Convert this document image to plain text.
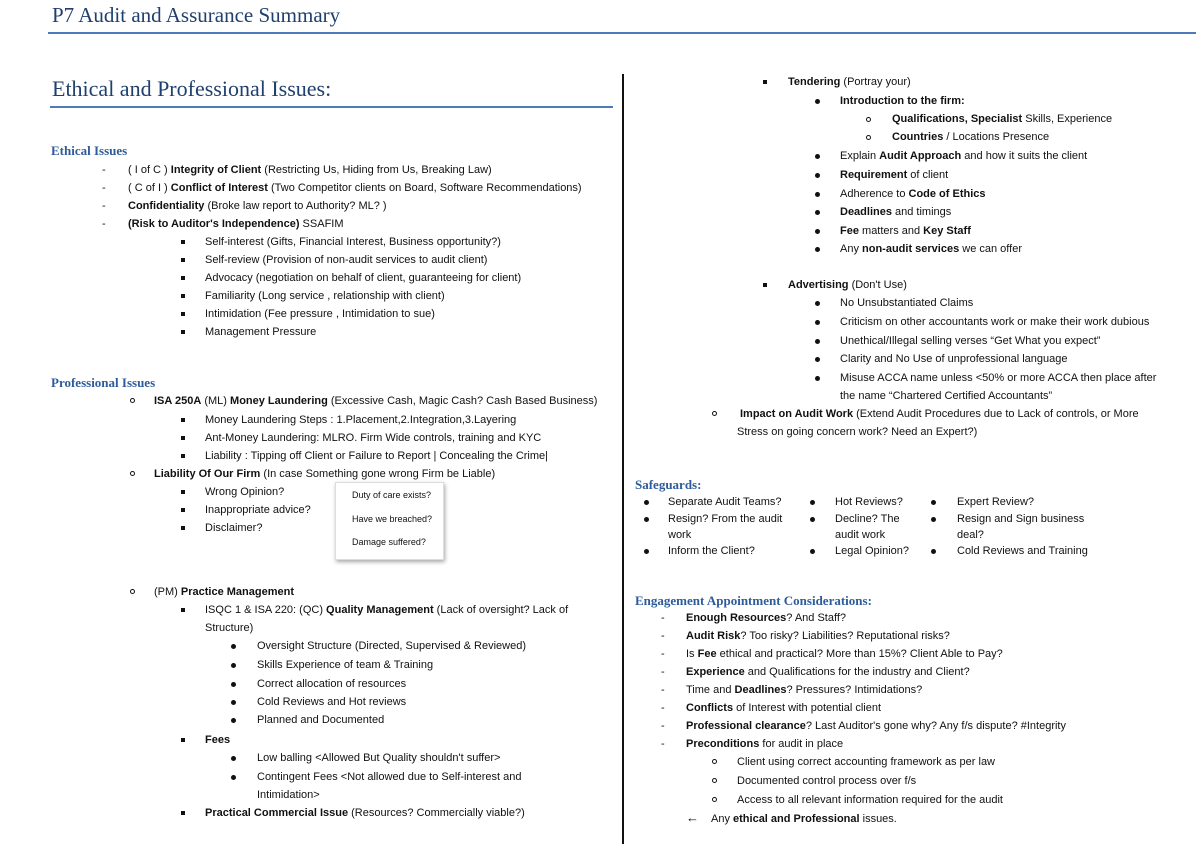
P7 Audit and Assurance Summary
Ethical and Professional Issues:
Ethical Issues
- ( I of C ) Integrity of Client (Restricting Us, Hiding from Us, Breaking Law)
- ( C of I ) Conflict of Interest (Two Competitor clients on Board, Software Recommendations)
- Confidentiality (Broke law report to Authority? ML? )
- (Risk to Auditor's Independence) SSAFIM
Self-interest (Gifts, Financial Interest, Business opportunity?)
Self-review (Provision of non-audit services to audit client)
Advocacy (negotiation on behalf of client, guaranteeing for client)
Familiarity (Long service , relationship with client)
Intimidation (Fee pressure , Intimidation to sue)
Management Pressure
Professional Issues
ISA 250A (ML) Money Laundering (Excessive Cash, Magic Cash? Cash Based Business)
Money Laundering Steps : 1.Placement,2.Integration,3.Layering
Ant-Money Laundering: MLRO. Firm Wide controls, training and KYC
Liability : Tipping off Client or Failure to Report | Concealing the Crime|
Liability Of Our Firm (In case Something gone wrong Firm be Liable)
Wrong Opinion?
Inappropriate advice?
Disclaimer?
Duty of care exists?
Have we breached?
Damage suffered?
(PM) Practice Management
ISQC 1 & ISA 220: (QC) Quality Management (Lack of oversight? Lack of
Structure)
Oversight Structure (Directed, Supervised & Reviewed)
Skills Experience of team & Training
Correct allocation of resources
Cold Reviews and Hot reviews
Planned and Documented
Fees
Low balling <Allowed But Quality shouldn't suffer>
Contingent Fees <Not allowed due to Self-interest and
Intimidation>
Practical Commercial Issue (Resources? Commercially viable?)
Tendering (Portray your)
Introduction to the firm:
Qualifications, Specialist Skills, Experience
Countries / Locations Presence
Explain Audit Approach and how it suits the client
Requirement of client
Adherence to Code of Ethics
Deadlines and timings
Fee matters and Key Staff
Any non-audit services we can offer
Advertising (Don't Use)
No Unsubstantiated Claims
Criticism on other accountants work or make their work dubious
Unethical/Illegal selling verses “Get What you expect”
Clarity and No Use of unprofessional language
Misuse ACCA name unless <50% or more ACCA then place after
the name “Chartered Certified Accountants”
Impact on Audit Work (Extend Audit Procedures due to Lack of controls, or More
Stress on going concern work? Need an Expert?)
Safeguards:
Separate Audit Teams?
Resign? From the audit
work
Inform the Client?
Hot Reviews?
Decline? The
audit work
Legal Opinion?
Expert Review?
Resign and Sign business
deal?
Cold Reviews and Training
Engagement Appointment Considerations:
- Enough Resources? And Staff?
- Audit Risk? Too risky? Liabilities? Reputational risks?
- Is Fee ethical and practical? More than 15%? Client Able to Pay?
- Experience and Qualifications for the industry and Client?
- Time and Deadlines? Pressures? Intimidations?
- Conflicts of Interest with potential client
- Professional clearance? Last Auditor's gone why? Any f/s dispute? #Integrity
- Preconditions for audit in place
Client using correct accounting framework as per law
Documented control process over f/s
Access to all relevant information required for the audit
← Any ethical and Professional issues.
